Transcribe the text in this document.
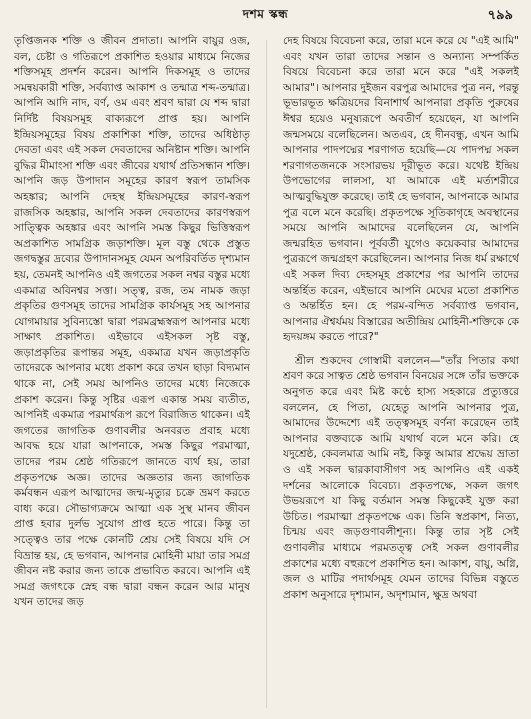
দশম স্কন্ধ	৭৯৯

তৃপ্তিজনক শক্তি ও জীবন প্রদাতা। আপনি বায়ুর ওজ, বল, চেষ্টা ও গতিরূপে প্রকাশিত হওয়ার মাধ্যমে নিজের শক্তিসমূহ প্রদর্শন করেন। আপনি দিকসমূহ ও তাদের সমন্বয়কারী শক্তি, সর্বব্যাপ্ত আকাশ ও তন্মাত্র শব্দ-তন্মাত্র। আপনি আদি নাদ, বর্ণ, ওম এবং শ্রবণ দ্বারা যে শব্দ দ্বারা নির্দিষ্ট বিষয়সমূহ বাক্যরূপে প্রাপ্ত হয়। আপনি ইন্দ্রিয়সমূহের বিষয় প্রকাশিকা শক্তি, তাদের অধিষ্ঠাতৃ দেবতা এবং এই সকল দেবতাদের অনিষ্টান শক্তি। আপনি বুদ্ধির মীমাংসা শক্তি এবং জীবের যথার্থ প্রতিসন্ধান শক্তি। আপনি জড় উপাদান সমূহের কারণ স্বরূপ তামসিক অহঙ্কার; আপনি দেহস্থ ইন্দ্রিয়সমূহের কারণ-স্বরূপ রাজসিক অহঙ্কার, আপনি সকল দেবতাদের কারণস্বরূপ সাত্ত্বিক অহঙ্কার এবং আপনি সমস্ত কিছুর ভিত্তিস্বরূপ অপ্রকাশিত সামগ্রিক জড়াশক্তি। মূল বস্তু থেকে প্রস্তুত জগদ্বস্তুর দ্রব্যের উপাদানসমূহ যেমন অপরিবর্তিত দৃশ্যমান হয়, তেমনই আপনিও এই জগতের সকল নশ্বর বস্তুর মধ্যে একমাত্র অবিনশ্বর সত্তা। সত্ত্ব, রজ, তম নামক জড়া প্রকৃতির গুণসমূহ তাদের সামগ্রিক কার্যসমূহ সহ আপনার যোগমায়ার সুবিন্যস্তো দ্বারা পরমব্রহ্মস্বরূপ আপনার মধ্যে সাক্ষাৎ প্রকাশিত। এইভাবে এইসকল সৃষ্ট বস্তু, জড়াপ্রকৃতির রূপান্তর সমূহ, একমাত্র যখন জড়াপ্রকৃতি তাদেরকে আপনার মধ্যে প্রকাশ করে তখন ছাড়া বিদ্যমান থাকে না, সেই সময় আপনিও তাদের মধ্যে নিজেকে প্রকাশ করেন। কিন্তু সৃষ্টির এরূপ একান্ত সময় ব্যতীত, আপনিই একমাত্র পরমার্থরূপ রূপে বিরাজিত থাকেন। এই জগতের জাগতিক গুণাবলীর অনবরত প্রবাহ মধ্যে আবদ্ধ হয়ে যারা আপনাকে, সমস্ত কিছুর পরমাত্মা, তাদের পরম শ্রেষ্ঠ গতিরূপে জানতে ব্যর্থ হয়, তারা প্রকৃতপক্ষে অজ্ঞ। তাদের অজ্ঞতার জন্য জাগতিক কর্মবন্ধন এরূপ আত্মাদের জন্ম-মৃত্যুর চক্রে ভ্রমণ করতে বাধ্য করে। সৌভাগ্যক্রমে আত্মা এক সুস্থ মানব জীবন প্রাপ্ত হবার দুর্লভ সুযোগ প্রাপ্ত হতে পারে। কিন্তু তা সত্ত্বেও তার পক্ষে কোনটি শ্রেয় সেই বিষয়ে যদি সে বিভ্রান্ত হয়, হে ভগবান, আপনার মোহিনী মায়া তার সমগ্র জীবন নষ্ট করার জন্য তাকে প্রভাবিত করবে। আপনি এই সমগ্র জগৎকে স্নেহ বন্ধ দ্বারা বন্ধন করেন আর মানুষ যখন তাদের জড়

দেহ বিষয়ে বিবেচনা করে, তারা মনে করে যে "এই আমি" এবং যখন তারা তাদের সন্তান ও অন্যান্য সম্পর্কিত বিষয়ে বিবেচনা করে তারা মনে করে "এই সকলই আমার"। আপনার দুইজন বরপুত্র আমাদের পুত্র নন, পরন্তু ভূভারভূত ক্ষত্রিয়দের বিনাশার্থ আপনারা প্রকৃতি পুরুষের ঈশ্বর হয়েও মনুষ্যরূপে অবতীর্ণ হয়েছেন, যা আপনি জন্মসময়ে বলেছিলেন। অতএব, হে দীনবন্ধু, এখন আমি আপনার পাদপদ্মের শরণাগত হয়েছি—যে পাদপদ্ম সকল শরণাগতজনকে সংসারভয় দূরীভূত করে। যথেষ্ট ইন্দ্রিয় উপভোগের লালসা, যা আমাকে এই মর্ত্যশরীরে আত্মবুদ্ধিযুক্ত করেছে। তাই হে ভগবান, আপনাকে আমার পুত্র বলে মনে করেছি। প্রকৃতপক্ষে সূতিকাগৃহে অবস্থানের সময়ে আপনি আমাদের বলেছিলেন যে, আপনি জন্মরহিত ভগবান। পূর্ববর্তী যুগেও কয়েকবার আমাদের পুত্ররূপে জন্মগ্রহণ করেছিলেন। আপনার নিজ ধর্ম রক্ষার্থে এই সকল দিব্য দেহসমূহ প্রকাশের পর আপনি তাদের অন্তর্হিত করেন, এইভাবে আপনি মেঘের মতো প্রকাশিত ও অন্তর্হিত হন। হে পরম-বন্দিত সর্বব্যাপ্ত ভগবান, আপনার ঐশ্বর্যময় বিস্তারের অতীন্দ্রিয় মোহিনী-শক্তিকে কে হৃদয়ঙ্গম করতে পারে?"

শ্রীল শুকদেব গোস্বামী বললেন—"তাঁর পিতার কথা শ্রবণ করে সাত্বত শ্রেষ্ঠ ভগবান বিনয়ের সঙ্গে তাঁর ভক্তকে অনুগত করে এবং মিষ্ট কণ্ঠে হাস্য সহকারে প্রত্যুত্তরে বললেন, হে পিতা, যেহেতু আপনি আপনার পুত্র, আমাদের উদ্দেশ্যে এই তত্ত্বসমূহ বর্ণনা করেছেন তাই আপনার বক্তব্যকে আমি যথার্থ বলে মনে করি। হে যদুশ্রেষ্ঠ, কেবলমাত্র আমি নই, কিন্তু আমার শ্রদ্ধেয় ভ্রাতা ও এই সকল দ্বারকাবাসীগণ সহ আপনিও এই একই দর্শনের আলোকে বিবেচ্য। প্রকৃতপক্ষে, সকল জগৎ উভয়রূপে যা কিছু বর্তমান সমস্ত কিছুকেই যুক্ত করা উচিত। পরমাত্মা প্রকৃতপক্ষে এক। তিনি স্বপ্রকাশ, নিত্য, চিন্ময় এবং জড়গুণাবলীশূন্য। কিন্তু তার সৃষ্ট সেই গুণাবলীর মাধ্যমে পরমতত্ত্ব সেই সকল গুণাবলীর প্রকাশের মধ্যে বহুরূপে প্রকাশিত হন। আকাশ, বায়ু, অগ্নি, জল ও মাটির পদার্থসমূহ যেমন তাদের বিভিন্ন বস্তুতে প্রকাশ অনুসারে দৃশ্যমান, অদৃশ্যমান, ক্ষুদ্র অথবা
